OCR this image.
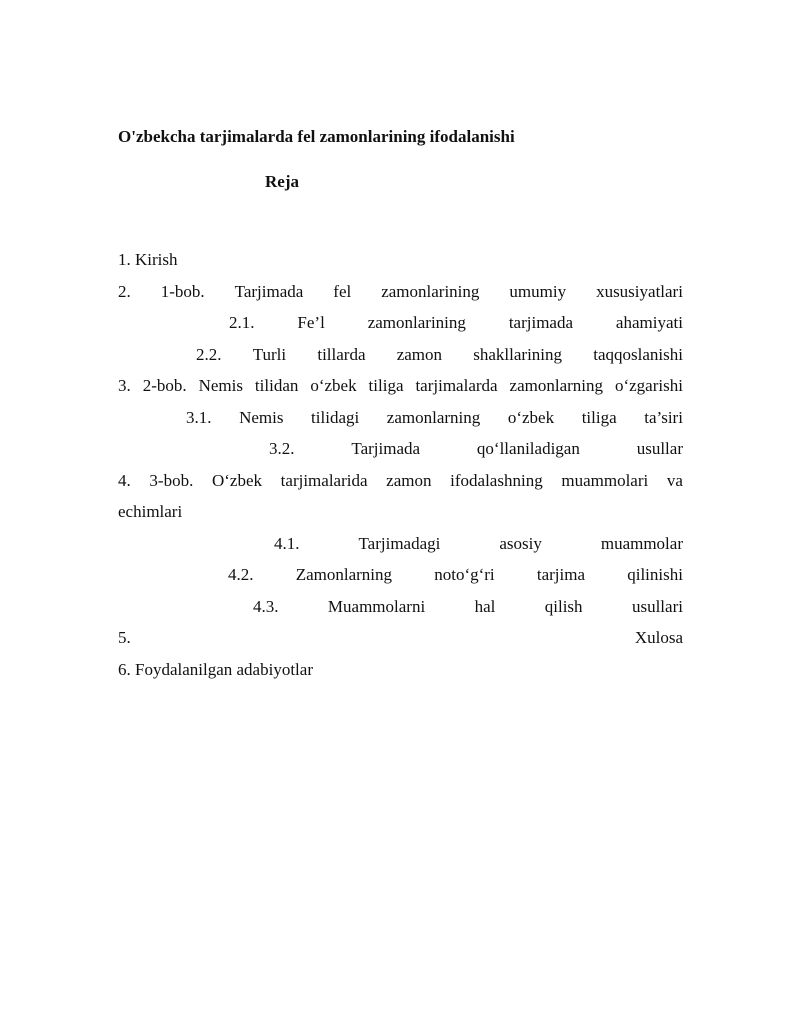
O'zbekcha tarjimalarda fel zamonlarining ifodalanishi
Reja
1. Kirish
2. 1-bob. Tarjimada fel zamonlarining umumiy xususiyatlari
2.1.	Fe’l	zamonlarining	tarjimada	ahamiyati
2.2. Turli tillarda zamon shakllarining taqqoslanishi
3. 2-bob. Nemis tilidan o‘zbek tiliga tarjimalarda zamonlarning o‘zgarishi
3.1. Nemis tilidagi zamonlarning o‘zbek tiliga ta’siri
3.2.	Tarjimada	qo‘llaniladigan	usullar
4. 3-bob. O‘zbek tarjimalarida zamon ifodalashning muammolari va
echimlari
4.1.	Tarjimadagi	asosiy	muammolar
4.2. Zamonlarning noto‘g‘ri tarjima qilinishi
4.3.	Muammolarni	hal	qilish	usullari
5.	Xulosa
6. Foydalanilgan adabiyotlar
